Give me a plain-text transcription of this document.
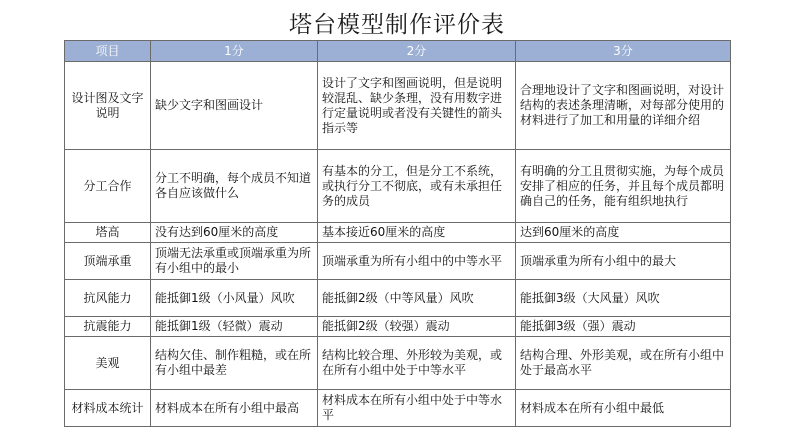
塔台模型制作评价表
项目	1分	2分	3分
设计图及文字说明	缺少文字和图画设计	设计了文字和图画说明，但是说明较混乱、缺少条理，没有用数字进行定量说明或者没有关键性的箭头指示等	合理地设计了文字和图画说明，对设计结构的表述条理清晰，对每部分使用的材料进行了加工和用量的详细介绍
分工合作	分工不明确，每个成员不知道各自应该做什么	有基本的分工，但是分工不系统，或执行分工不彻底，或有未承担任务的成员	有明确的分工且贯彻实施，为每个成员安排了相应的任务，并且每个成员都明确自己的任务，能有组织地执行
塔高	没有达到60厘米的高度	基本接近60厘米的高度	达到60厘米的高度
顶端承重	顶端无法承重或顶端承重为所有小组中的最小	顶端承重为所有小组中的中等水平	顶端承重为所有小组中的最大
抗风能力	能抵御1级（小风量）风吹	能抵御2级（中等风量）风吹	能抵御3级（大风量）风吹
抗震能力	能抵御1级（轻微）震动	能抵御2级（较强）震动	能抵御3级（强）震动
美观	结构欠佳、制作粗糙，或在所有小组中最差	结构比较合理、外形较为美观，或在所有小组中处于中等水平	结构合理、外形美观，或在所有小组中处于最高水平
材料成本统计	材料成本在所有小组中最高	材料成本在所有小组中处于中等水平	材料成本在所有小组中最低
